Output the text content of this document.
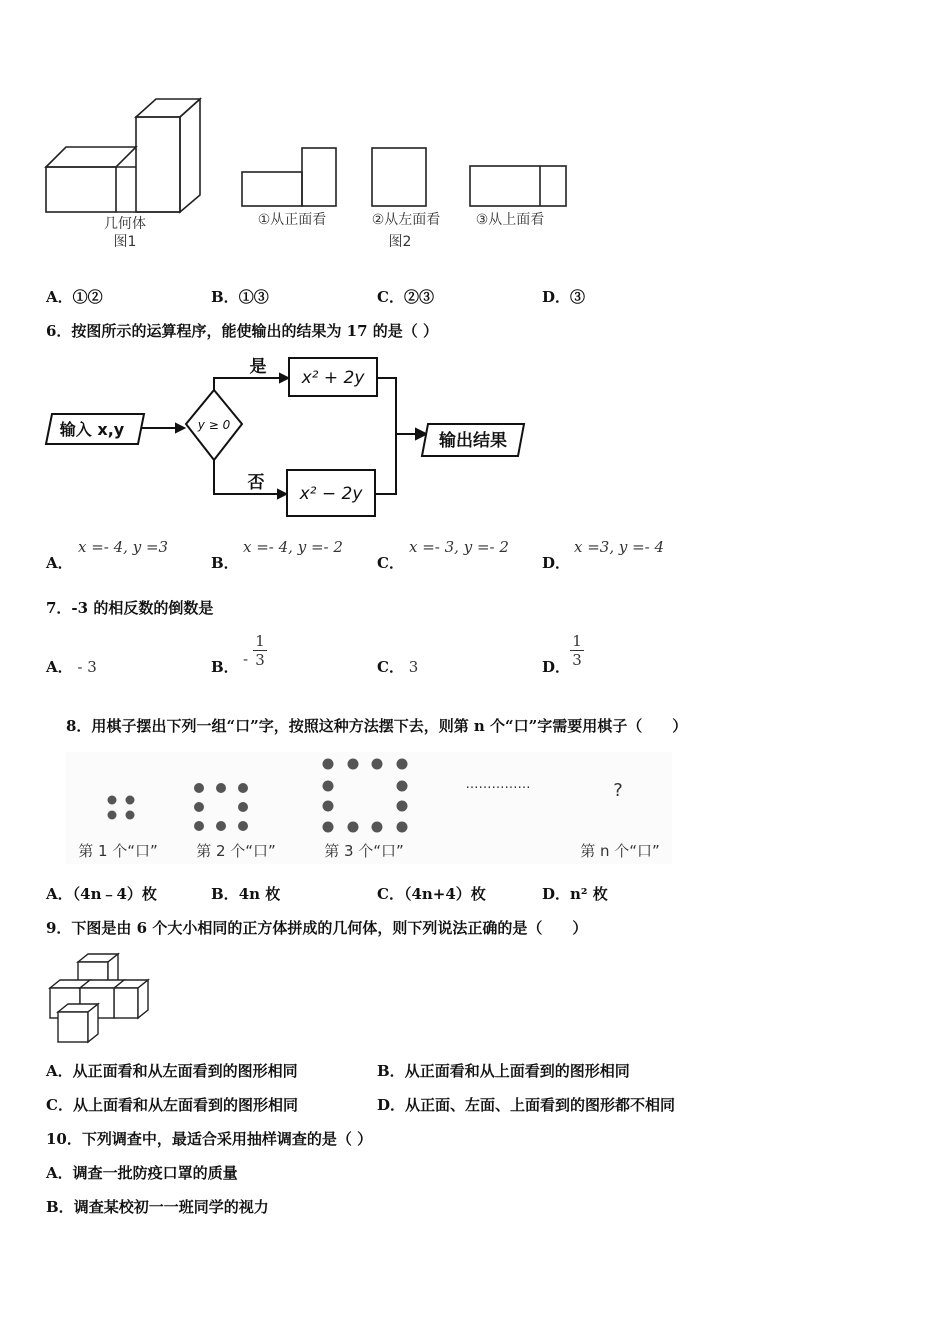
几何体
图1
①从正面看	②从左面看	③从上面看
图2
A．①②	B．①③	C．②③	D．③
6．按图所示的运算程序，能使输出的结果为 17 的是（ ）
输入 x,y	y ≥ 0
是
否
x² + 2y
x² − 2y
输出结果
A．
x =- 4, y =3
B．
x =- 4, y =- 2
C．
x =- 3, y =- 2
D．
x =3, y =- 4
7．-3 的相反数的倒数是
A． - 3	B． -
1
3	C． 3	D．
1
3
8．用棋子摆出下列一组“口”字，按照这种方法摆下去，则第 n 个“口”字需要用棋子（　　）
……………	?
第 1 个“口”	第 2 个“口”	第 3 个“口”	第 n 个“口”
A．（4n﹣4）枚	B．4n 枚	C．（4n+4）枚	D．n² 枚
9．下图是由 6 个大小相同的正方体拼成的几何体，则下列说法正确的是（　　）
A．从正面看和从左面看到的图形相同	B．从正面看和从上面看到的图形相同
C．从上面看和从左面看到的图形相同	D．从正面、左面、上面看到的图形都不相同
10．下列调查中，最适合采用抽样调查的是（ ）
A．调查一批防疫口罩的质量
B．调查某校初一一班同学的视力
